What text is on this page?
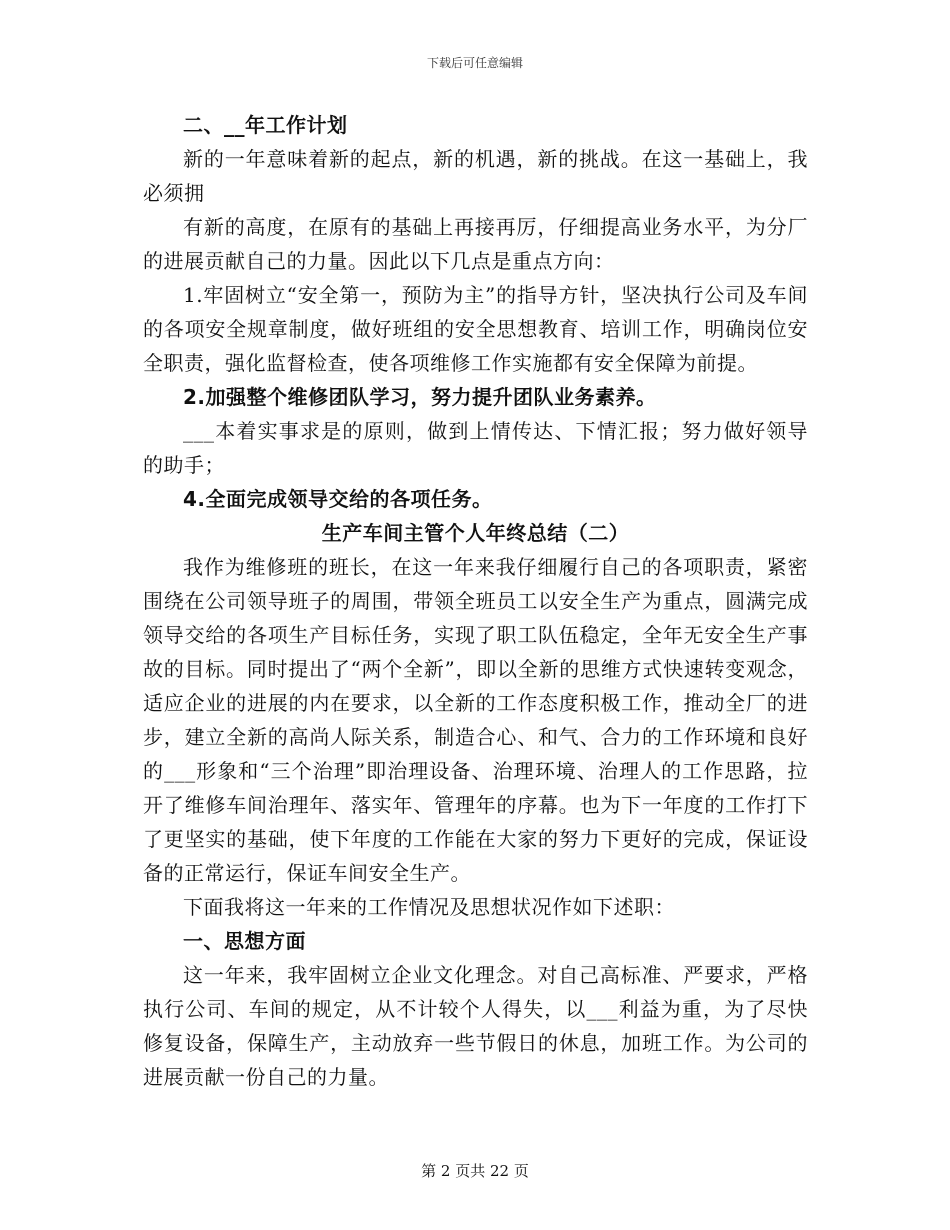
下载后可任意编辑

二、__年工作计划

新的一年意味着新的起点，新的机遇，新的挑战。在这一基础上，我必须拥

有新的高度，在原有的基础上再接再厉，仔细提高业务水平，为分厂的进展贡献自己的力量。因此以下几点是重点方向：

1.牢固树立“安全第一，预防为主”的指导方针，坚决执行公司及车间的各项安全规章制度，做好班组的安全思想教育、培训工作，明确岗位安全职责，强化监督检查，使各项维修工作实施都有安全保障为前提。

2.加强整个维修团队学习，努力提升团队业务素养。

___本着实事求是的原则，做到上情传达、下情汇报；努力做好领导的助手；

4.全面完成领导交给的各项任务。

生产车间主管个人年终总结（二）

我作为维修班的班长，在这一年来我仔细履行自己的各项职责，紧密围绕在公司领导班子的周围，带领全班员工以安全生产为重点，圆满完成领导交给的各项生产目标任务，实现了职工队伍稳定，全年无安全生产事故的目标。同时提出了“两个全新”，即以全新的思维方式快速转变观念，适应企业的进展的内在要求，以全新的工作态度积极工作，推动全厂的进步，建立全新的高尚人际关系，制造合心、和气、合力的工作环境和良好的___形象和“三个治理”即治理设备、治理环境、治理人的工作思路，拉开了维修车间治理年、落实年、管理年的序幕。也为下一年度的工作打下了更坚实的基础，使下年度的工作能在大家的努力下更好的完成，保证设备的正常运行，保证车间安全生产。

下面我将这一年来的工作情况及思想状况作如下述职：

一、思想方面

这一年来，我牢固树立企业文化理念。对自己高标准、严要求，严格执行公司、车间的规定，从不计较个人得失，以___利益为重，为了尽快修复设备，保障生产，主动放弃一些节假日的休息，加班工作。为公司的进展贡献一份自己的力量。

第 2 页共 22 页
